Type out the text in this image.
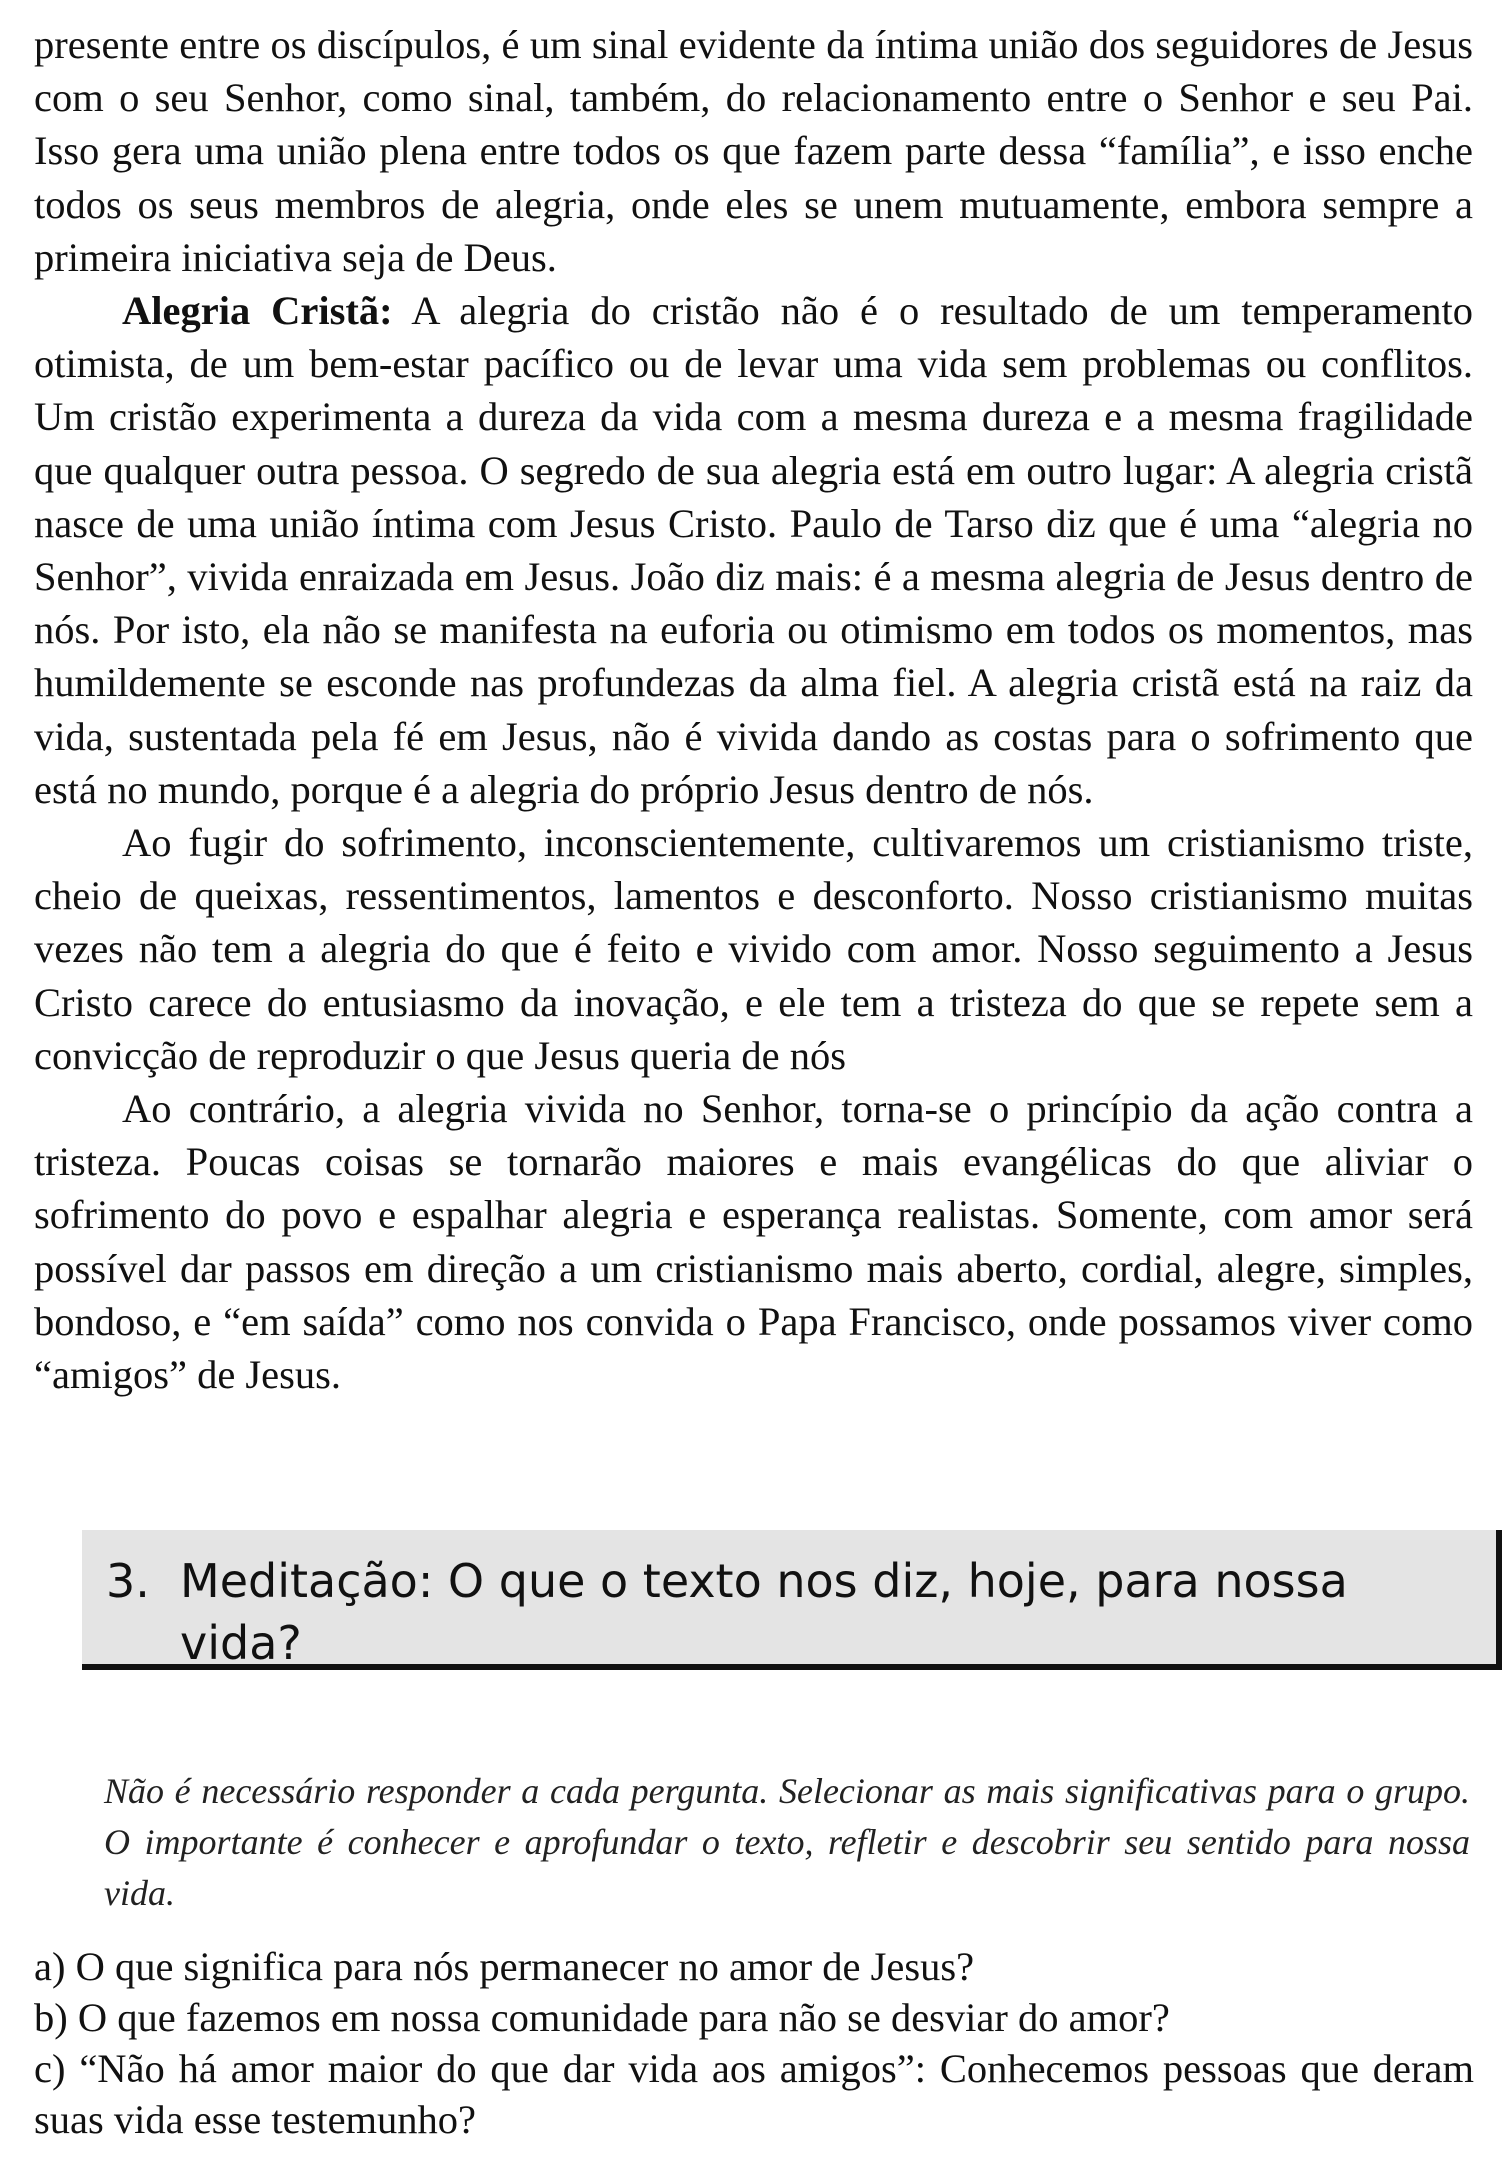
presente entre os discípulos, é um sinal evidente da íntima união dos seguidores de Jesus com o seu Senhor, como sinal, também, do relacionamento entre o Senhor e seu Pai. Isso gera uma união plena entre todos os que fazem parte dessa “família”, e isso enche todos os seus membros de alegria, onde eles se unem mutuamente, embora sempre a primeira iniciativa seja de Deus.

Alegria Cristã: A alegria do cristão não é o resultado de um temperamento otimista, de um bem-estar pacífico ou de levar uma vida sem problemas ou conflitos. Um cristão experimenta a dureza da vida com a mesma dureza e a mesma fragilidade que qualquer outra pessoa. O segredo de sua alegria está em outro lugar: A alegria cristã nasce de uma união íntima com Jesus Cristo. Paulo de Tarso diz que é uma “alegria no Senhor”, vivida enraizada em Jesus. João diz mais: é a mesma alegria de Jesus dentro de nós. Por isto, ela não se manifesta na euforia ou otimismo em todos os momentos, mas humildemente se esconde nas profundezas da alma fiel. A alegria cristã está na raiz da vida, sustentada pela fé em Jesus, não é vivida dando as costas para o sofrimento que está no mundo, porque é a alegria do próprio Jesus dentro de nós.

Ao fugir do sofrimento, inconscientemente, cultivaremos um cristianismo triste, cheio de queixas, ressentimentos, lamentos e desconforto. Nosso cristianismo muitas vezes não tem a alegria do que é feito e vivido com amor. Nosso seguimento a Jesus Cristo carece do entusiasmo da inovação, e ele tem a tristeza do que se repete sem a convicção de reproduzir o que Jesus queria de nós

Ao contrário, a alegria vivida no Senhor, torna-se o princípio da ação contra a tristeza. Poucas coisas se tornarão maiores e mais evangélicas do que aliviar o sofrimento do povo e espalhar alegria e esperança realistas. Somente, com amor será possível dar passos em direção a um cristianismo mais aberto, cordial, alegre, simples, bondoso, e “em saída” como nos convida o Papa Francisco, onde possamos viver como “amigos” de Jesus.

3. Meditação: O que o texto nos diz, hoje, para nossa vida?

Não é necessário responder a cada pergunta. Selecionar as mais significativas para o grupo. O importante é conhecer e aprofundar o texto, refletir e descobrir seu sentido para nossa vida.

a) O que significa para nós permanecer no amor de Jesus?
b) O que fazemos em nossa comunidade para não se desviar do amor?
c) “Não há amor maior do que dar vida aos amigos”: Conhecemos pessoas que deram suas vida esse testemunho?
